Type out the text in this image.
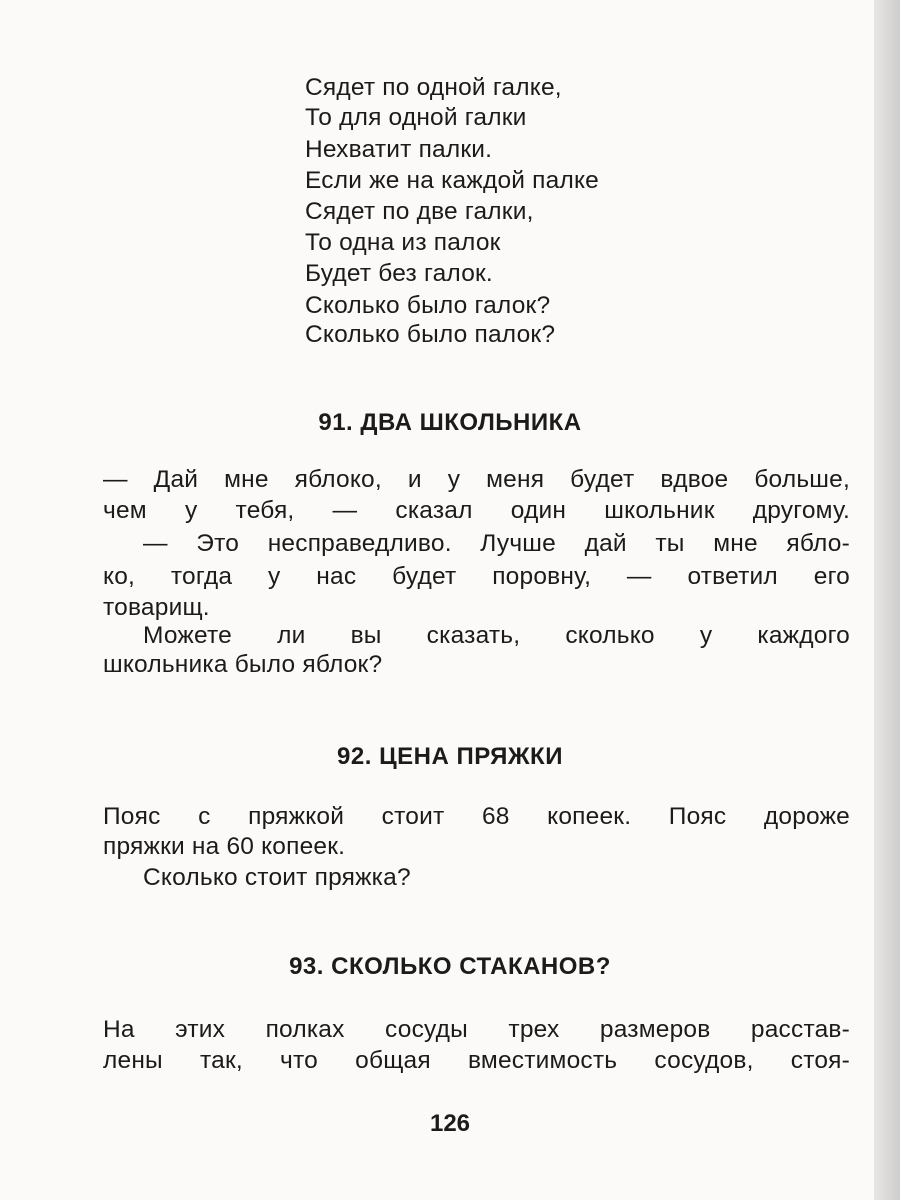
Сядет по одной галке,
То для одной галки
Нехватит палки.
Если же на каждой палке
Сядет по две галки,
То одна из палок
Будет без галок.
Сколько было галок?
Сколько было палок?
91. ДВА ШКОЛЬНИКА
— Дай мне яблоко, и у меня будет вдвое больше,
чем у тебя, — сказал один школьник другому.
— Это несправедливо. Лучше дай ты мне ябло-
ко, тогда у нас будет поровну, — ответил его
товарищ.
Можете ли вы сказать, сколько у каждого
школьника было яблок?
92. ЦЕНА ПРЯЖКИ
Пояс с пряжкой стоит 68 копеек. Пояс дороже
пряжки на 60 копеек.
Сколько стоит пряжка?
93. СКОЛЬКО СТАКАНОВ?
На этих полках сосуды трех размеров расстав-
лены так, что общая вместимость сосудов, стоя-
126
